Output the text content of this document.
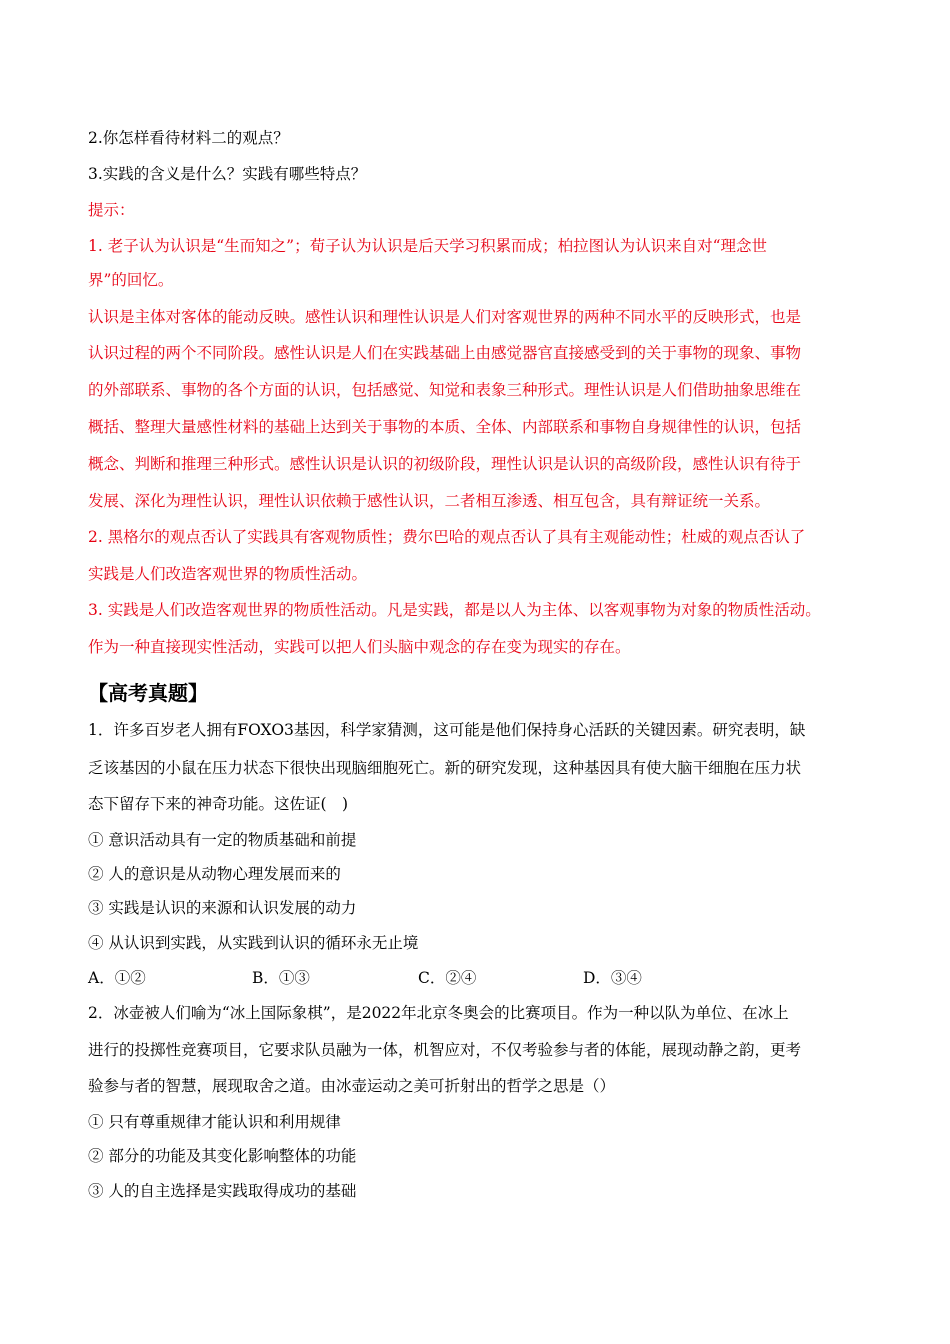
2.你怎样看待材料二的观点？
3.实践的含义是什么？实践有哪些特点？
提示：
1. 老子认为认识是“生而知之”；荀子认为认识是后天学习积累而成；柏拉图认为认识来自对“理念世
界”的回忆。
认识是主体对客体的能动反映。感性认识和理性认识是人们对客观世界的两种不同水平的反映形式，也是
认识过程的两个不同阶段。感性认识是人们在实践基础上由感觉器官直接感受到的关于事物的现象、事物
的外部联系、事物的各个方面的认识，包括感觉、知觉和表象三种形式。理性认识是人们借助抽象思维在
概括、整理大量感性材料的基础上达到关于事物的本质、全体、内部联系和事物自身规律性的认识，包括
概念、判断和推理三种形式。感性认识是认识的初级阶段，理性认识是认识的高级阶段，感性认识有待于
发展、深化为理性认识，理性认识依赖于感性认识，二者相互渗透、相互包含，具有辩证统一关系。
2. 黑格尔的观点否认了实践具有客观物质性；费尔巴哈的观点否认了具有主观能动性；杜威的观点否认了
实践是人们改造客观世界的物质性活动。
3. 实践是人们改造客观世界的物质性活动。凡是实践，都是以人为主体、以客观事物为对象的物质性活动。
作为一种直接现实性活动，实践可以把人们头脑中观念的存在变为现实的存在。
【高考真题】
1．许多百岁老人拥有FOXO3基因，科学家猜测，这可能是他们保持身心活跃的关键因素。研究表明，缺
乏该基因的小鼠在压力状态下很快出现脑细胞死亡。新的研究发现，这种基因具有使大脑干细胞在压力状
态下留存下来的神奇功能。这佐证(　)
① 意识活动具有一定的物质基础和前提
② 人的意识是从动物心理发展而来的
③ 实践是认识的来源和认识发展的动力
④ 从认识到实践，从实践到认识的循环永无止境
A．①②	B．①③	C．②④	D．③④
2．冰壶被人们喻为“冰上国际象棋”，是2022年北京冬奥会的比赛项目。作为一种以队为单位、在冰上
进行的投掷性竞赛项目，它要求队员融为一体，机智应对，不仅考验参与者的体能，展现动静之韵，更考
验参与者的智慧，展现取舍之道。由冰壶运动之美可折射出的哲学之思是（）
① 只有尊重规律才能认识和利用规律
② 部分的功能及其变化影响整体的功能
③ 人的自主选择是实践取得成功的基础
